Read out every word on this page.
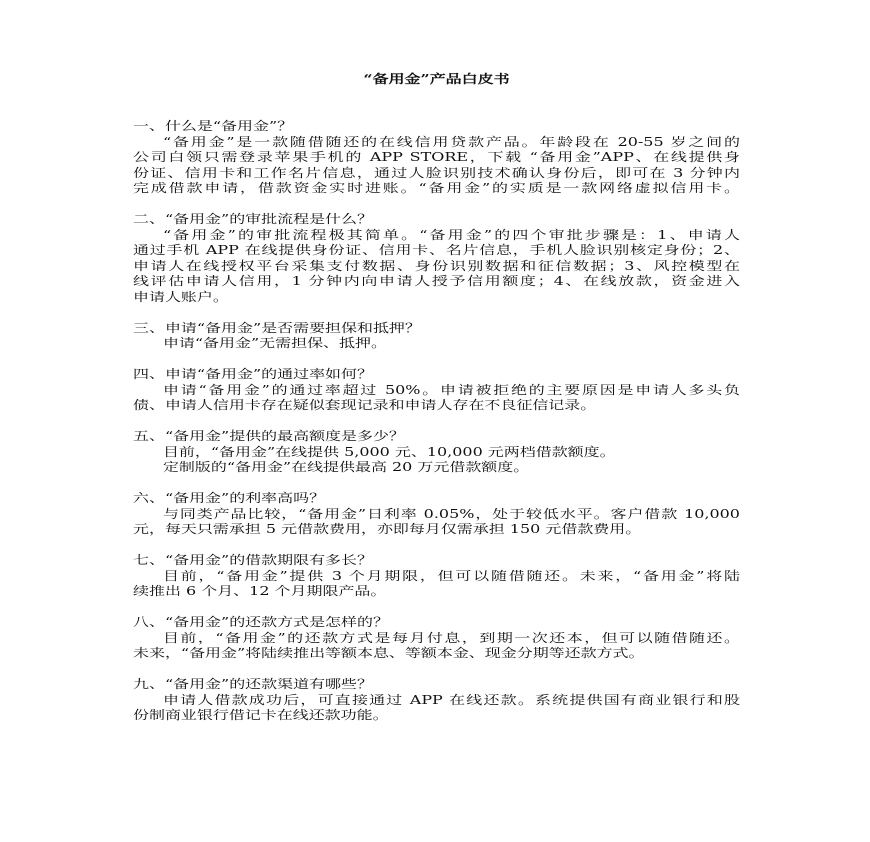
“备用金”产品白皮书
一、什么是“备用金”？
“备用金”是一款随借随还的在线信用贷款产品。年龄段在 20-55 岁之间的
公司白领只需登录苹果手机的 APP STORE，下载 “备用金”APP、在线提供身
份证、信用卡和工作名片信息，通过人脸识别技术确认身份后，即可在 3 分钟内
完成借款申请，借款资金实时进账。“备用金”的实质是一款网络虚拟信用卡。
二、“备用金”的审批流程是什么？
“备用金”的审批流程极其简单。“备用金”的四个审批步骤是：1、申请人
通过手机 APP 在线提供身份证、信用卡、名片信息，手机人脸识别核定身份；2、
申请人在线授权平台采集支付数据、身份识别数据和征信数据；3、风控模型在
线评估申请人信用，1 分钟内向申请人授予信用额度；4、在线放款，资金进入
申请人账户。
三、申请“备用金”是否需要担保和抵押？
申请“备用金”无需担保、抵押。
四、申请“备用金”的通过率如何？
申请“备用金”的通过率超过 50%。申请被拒绝的主要原因是申请人多头负
债、申请人信用卡存在疑似套现记录和申请人存在不良征信记录。
五、“备用金”提供的最高额度是多少？
目前，“备用金”在线提供 5,000 元、10,000 元两档借款额度。
定制版的“备用金”在线提供最高 20 万元借款额度。
六、“备用金”的利率高吗？
与同类产品比较，“备用金”日利率 0.05%，处于较低水平。客户借款 10,000
元，每天只需承担 5 元借款费用，亦即每月仅需承担 150 元借款费用。
七、“备用金”的借款期限有多长？
目前，“备用金”提供 3 个月期限，但可以随借随还。未来，“备用金”将陆
续推出 6 个月、12 个月期限产品。
八、“备用金”的还款方式是怎样的？
目前，“备用金”的还款方式是每月付息，到期一次还本，但可以随借随还。
未来，“备用金”将陆续推出等额本息、等额本金、现金分期等还款方式。
九、“备用金”的还款渠道有哪些？
申请人借款成功后，可直接通过 APP 在线还款。系统提供国有商业银行和股
份制商业银行借记卡在线还款功能。
